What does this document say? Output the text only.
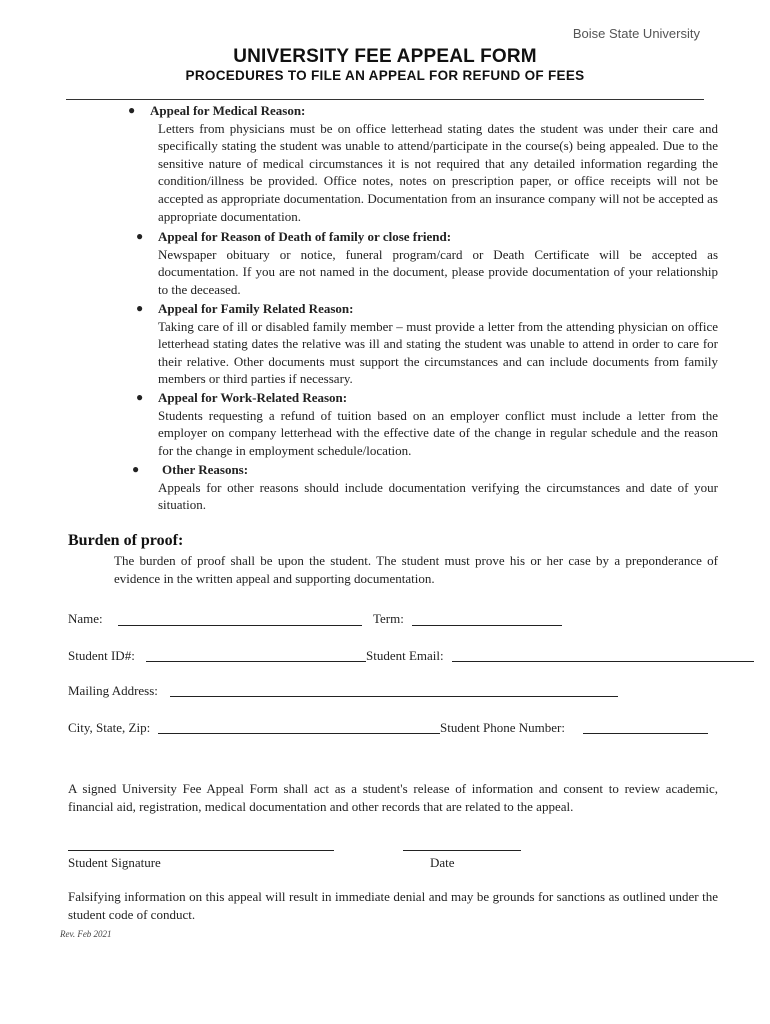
Boise State University
UNIVERSITY FEE APPEAL FORM
PROCEDURES TO FILE AN APPEAL FOR REFUND OF FEES
●	Appeal for Medical Reason:
Letters from physicians must be on office letterhead stating dates the student was under their care and specifically stating the student was unable to attend/participate in the course(s) being appealed. Due to the sensitive nature of medical circumstances it is not required that any detailed information regarding the condition/illness be provided. Office notes, notes on prescription paper, or office receipts will not be accepted as appropriate documentation. Documentation from an insurance company will not be accepted as appropriate documentation.
●	Appeal for Reason of Death of family or close friend:
Newspaper obituary or notice, funeral program/card or Death Certificate will be accepted as documentation. If you are not named in the document, please provide documentation of your relationship to the deceased.
●	Appeal for Family Related Reason:
Taking care of ill or disabled family member – must provide a letter from the attending physician on office letterhead stating dates the relative was ill and stating the student was unable to attend in order to care for their relative. Other documents must support the circumstances and can include documents from family members or third parties if necessary.
●	Appeal for Work-Related Reason:
Students requesting a refund of tuition based on an employer conflict must include a letter from the employer on company letterhead with the effective date of the change in regular schedule and the reason for the change in employment schedule/location.
●	Other Reasons:
Appeals for other reasons should include documentation verifying the circumstances and date of your situation.
Burden of proof:
The burden of proof shall be upon the student. The student must prove his or her case by a preponderance of evidence in the written appeal and supporting documentation.
Name:	Term:
Student ID#:	Student Email:
Mailing Address:
City, State, Zip:	Student Phone Number:
A signed University Fee Appeal Form shall act as a student's release of information and consent to review academic, financial aid, registration, medical documentation and other records that are related to the appeal.
Student Signature	Date
Falsifying information on this appeal will result in immediate denial and may be grounds for sanctions as outlined under the student code of conduct.
Rev. Feb 2021
